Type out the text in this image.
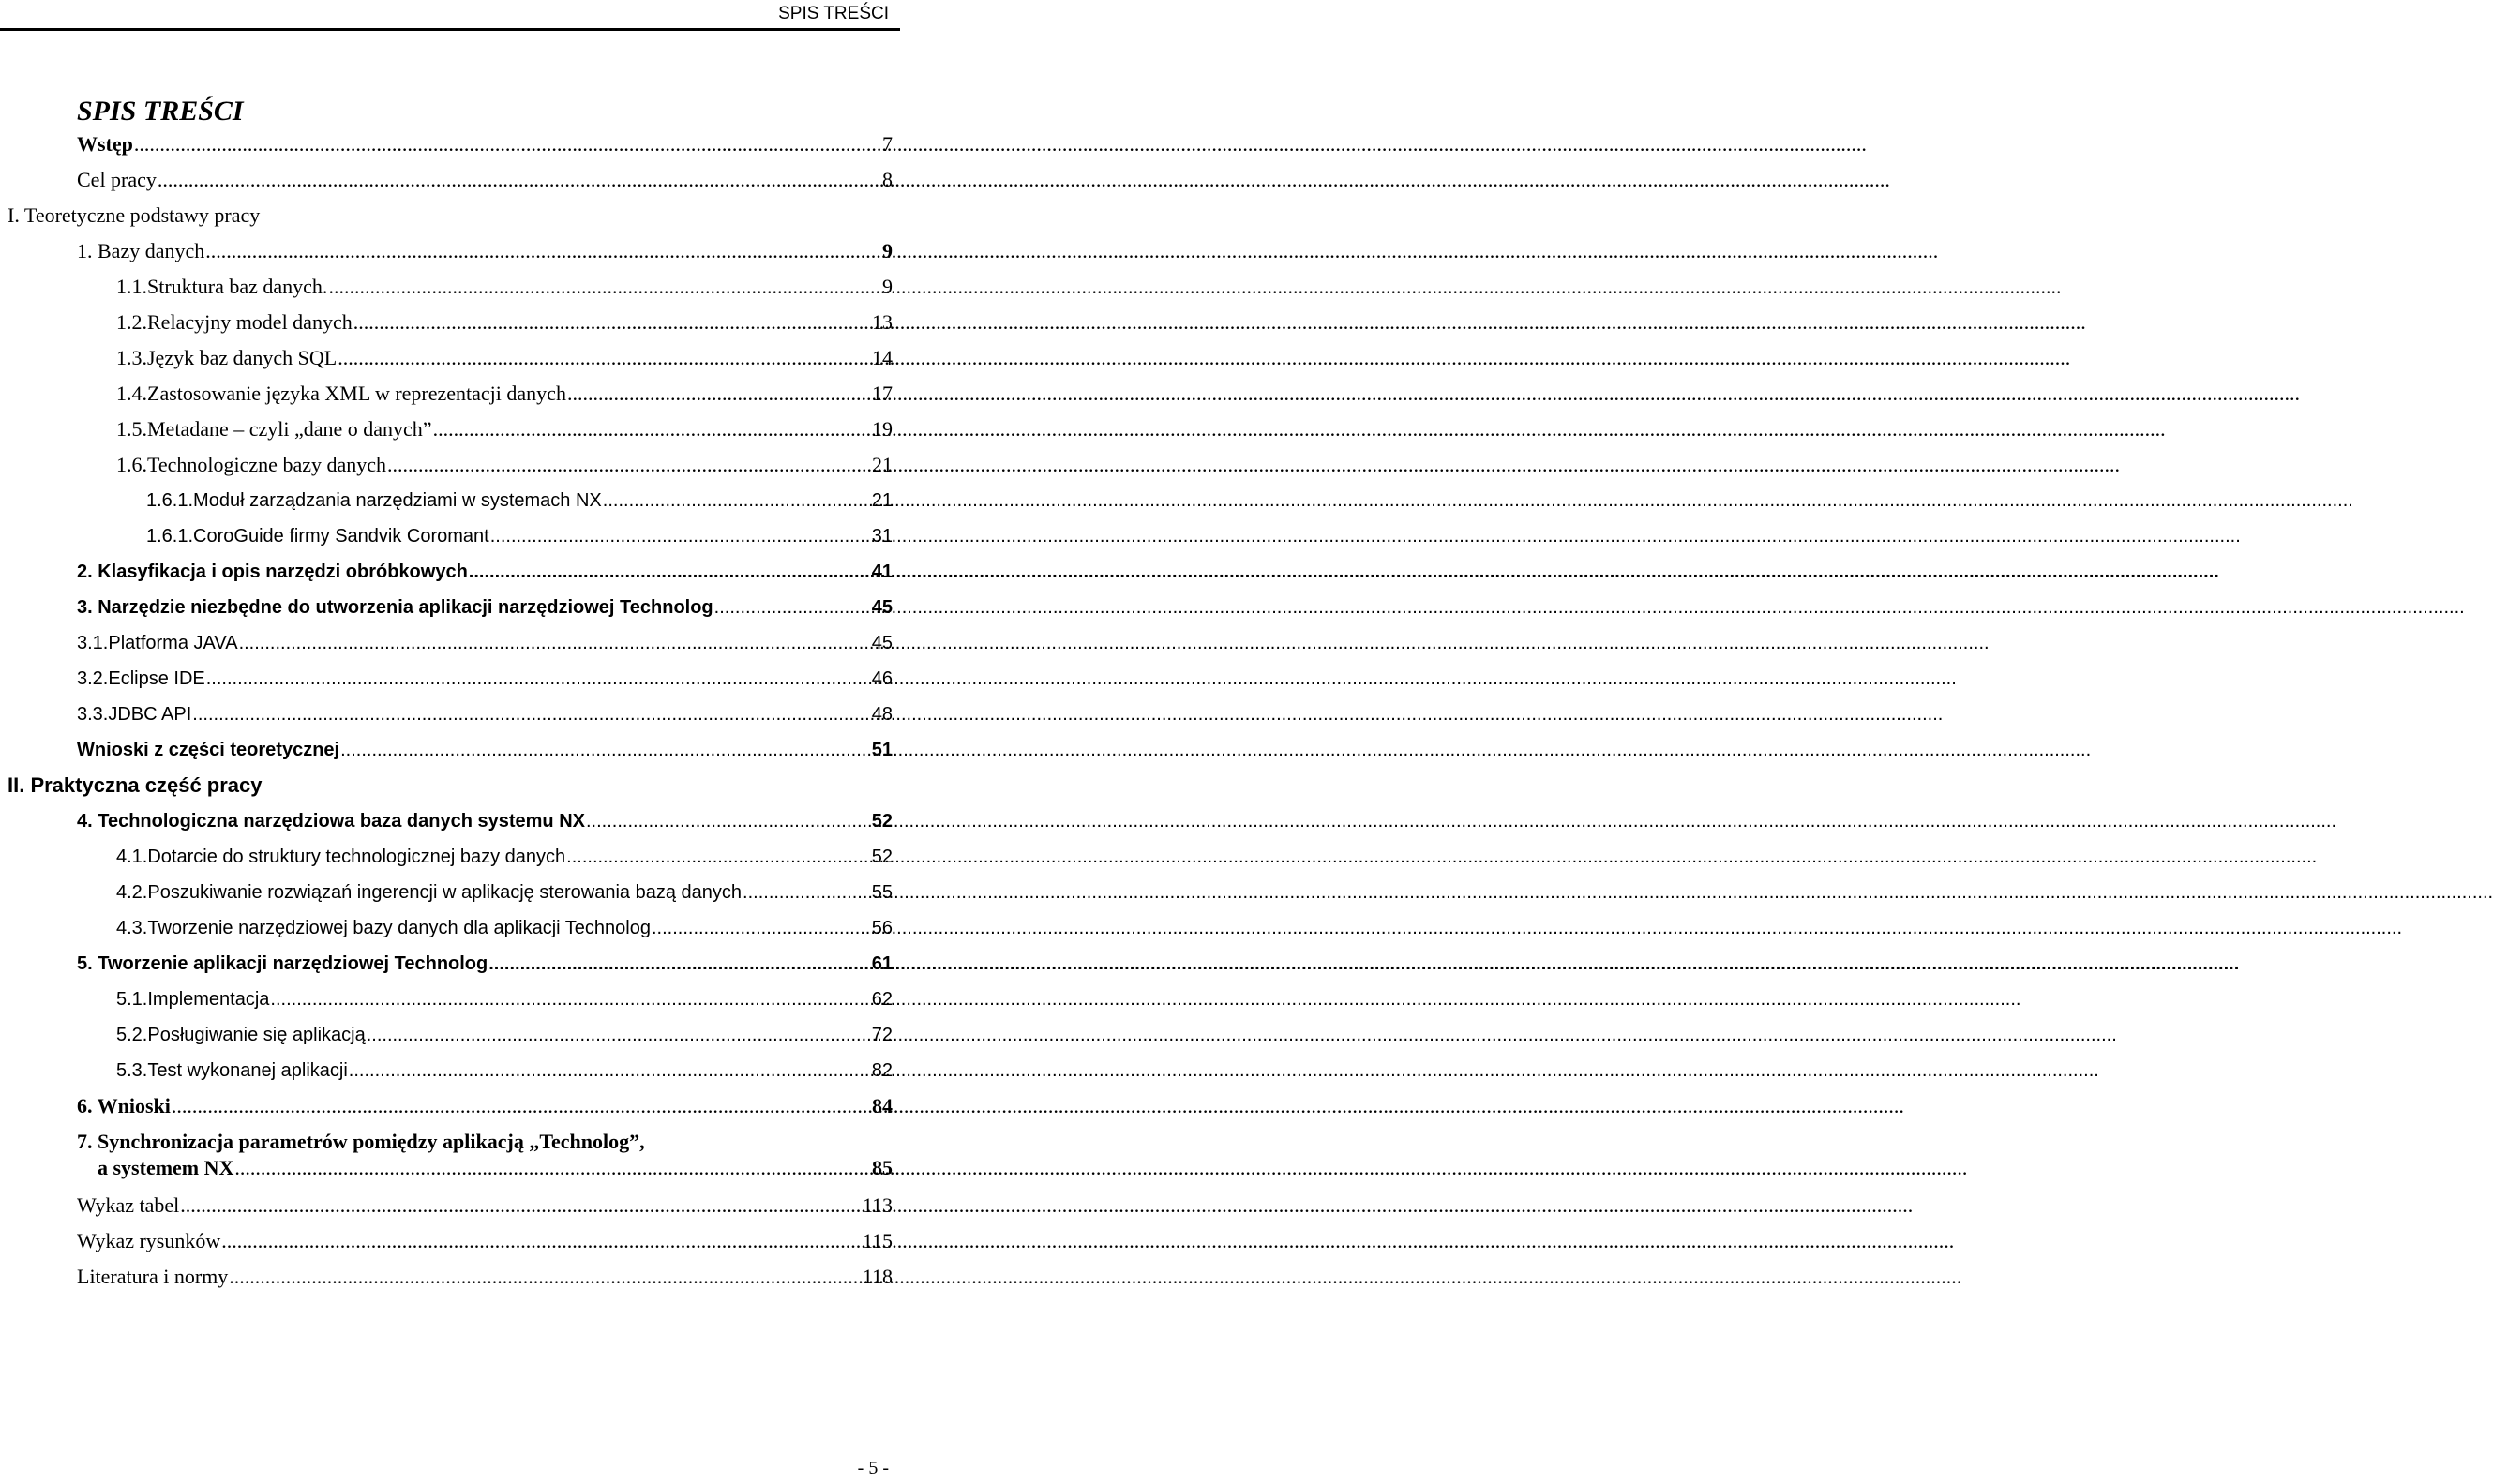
SPIS TREŚCI
SPIS TREŚCI
Wstęp .....	7
Cel pracy .....	8
I. Teoretyczne podstawy pracy
1. Bazy danych .....	9
1.1.Struktura baz danych. .....	9
1.2.Relacyjny model danych .....	13
1.3.Język baz danych SQL .....	14
1.4.Zastosowanie języka XML w reprezentacji danych .....	17
1.5.Metadane – czyli „dane o danych” .....	19
1.6.Technologiczne bazy danych .....	21
1.6.1.Moduł zarządzania narzędziami w systemach NX .....	21
1.6.1.CoroGuide firmy Sandvik Coromant .....	31
2. Klasyfikacja i opis narzędzi obróbkowych .....	41
3. Narzędzie niezbędne do utworzenia aplikacji narzędziowej Technolog .....	45
3.1.Platforma JAVA .....	45
3.2.Eclipse IDE .....	46
3.3.JDBC API .....	48
Wnioski z części teoretycznej .....	51
II. Praktyczna część pracy
4. Technologiczna narzędziowa baza danych systemu NX .....	52
4.1.Dotarcie do struktury technologicznej bazy danych .....	52
4.2.Poszukiwanie rozwiązań ingerencji w aplikację sterowania bazą danych .....	55
4.3.Tworzenie narzędziowej bazy danych dla aplikacji Technolog .....	56
5. Tworzenie aplikacji narzędziowej Technolog .....	61
5.1.Implementacja .....	62
5.2.Posługiwanie się aplikacją .....	72
5.3.Test wykonanej aplikacji .....	82
6. Wnioski .....	84
7. Synchronizacja parametrów pomiędzy aplikacją „Technolog”,
a systemem NX .....	85
Wykaz tabel .....	113
Wykaz rysunków .....	115
Literatura i normy .....	118
- 5 -
